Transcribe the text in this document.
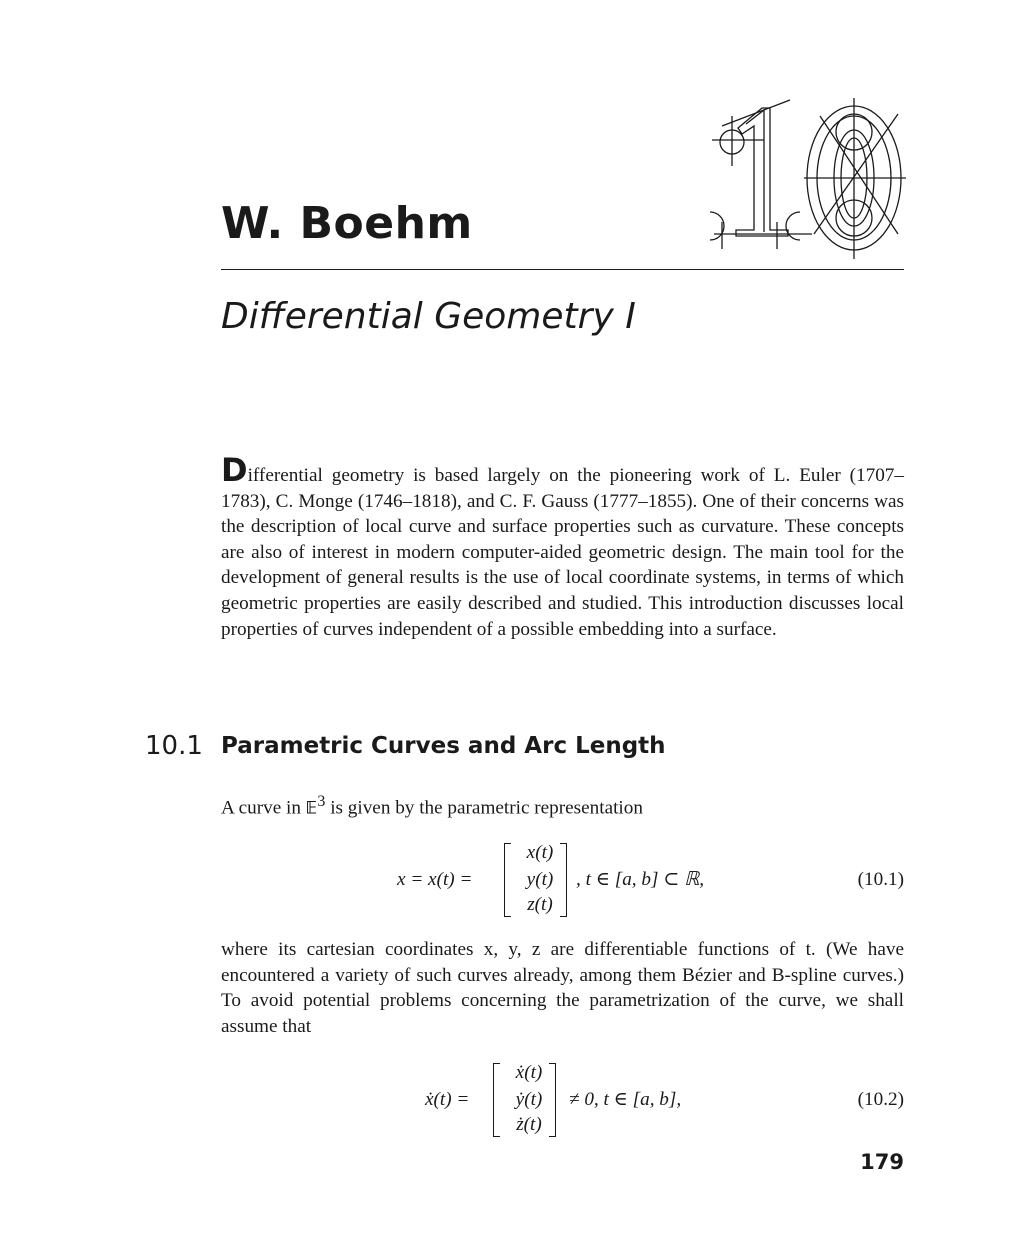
10
W. Boehm
Differential Geometry I

Differential geometry is based largely on the pioneering work of L. Euler (1707–1783), C. Monge (1746–1818), and C. F. Gauss (1777–1855). One of their concerns was the description of local curve and surface properties such as curvature. These concepts are also of interest in modern computer-aided geometric design. The main tool for the development of general results is the use of local coordinate systems, in terms of which geometric properties are easily described and studied. This introduction discusses local properties of curves independent of a possible embedding into a surface.

10.1 Parametric Curves and Arc Length

A curve in 𝔼$^3$ is given by the parametric representation

x = x(t) =
x(t)
y(t)
z(t)
, t ∈ [a, b] ⊂ ℝ,	(10.1)

where its cartesian coordinates x, y, z are differentiable functions of t. (We have encountered a variety of such curves already, among them Bézier and B-spline curves.) To avoid potential problems concerning the parametrization of the curve, we shall assume that

ẋ(t) =
ẋ(t)
ẏ(t)
ż(t)
≠ 0, t ∈ [a, b],	(10.2)
179
